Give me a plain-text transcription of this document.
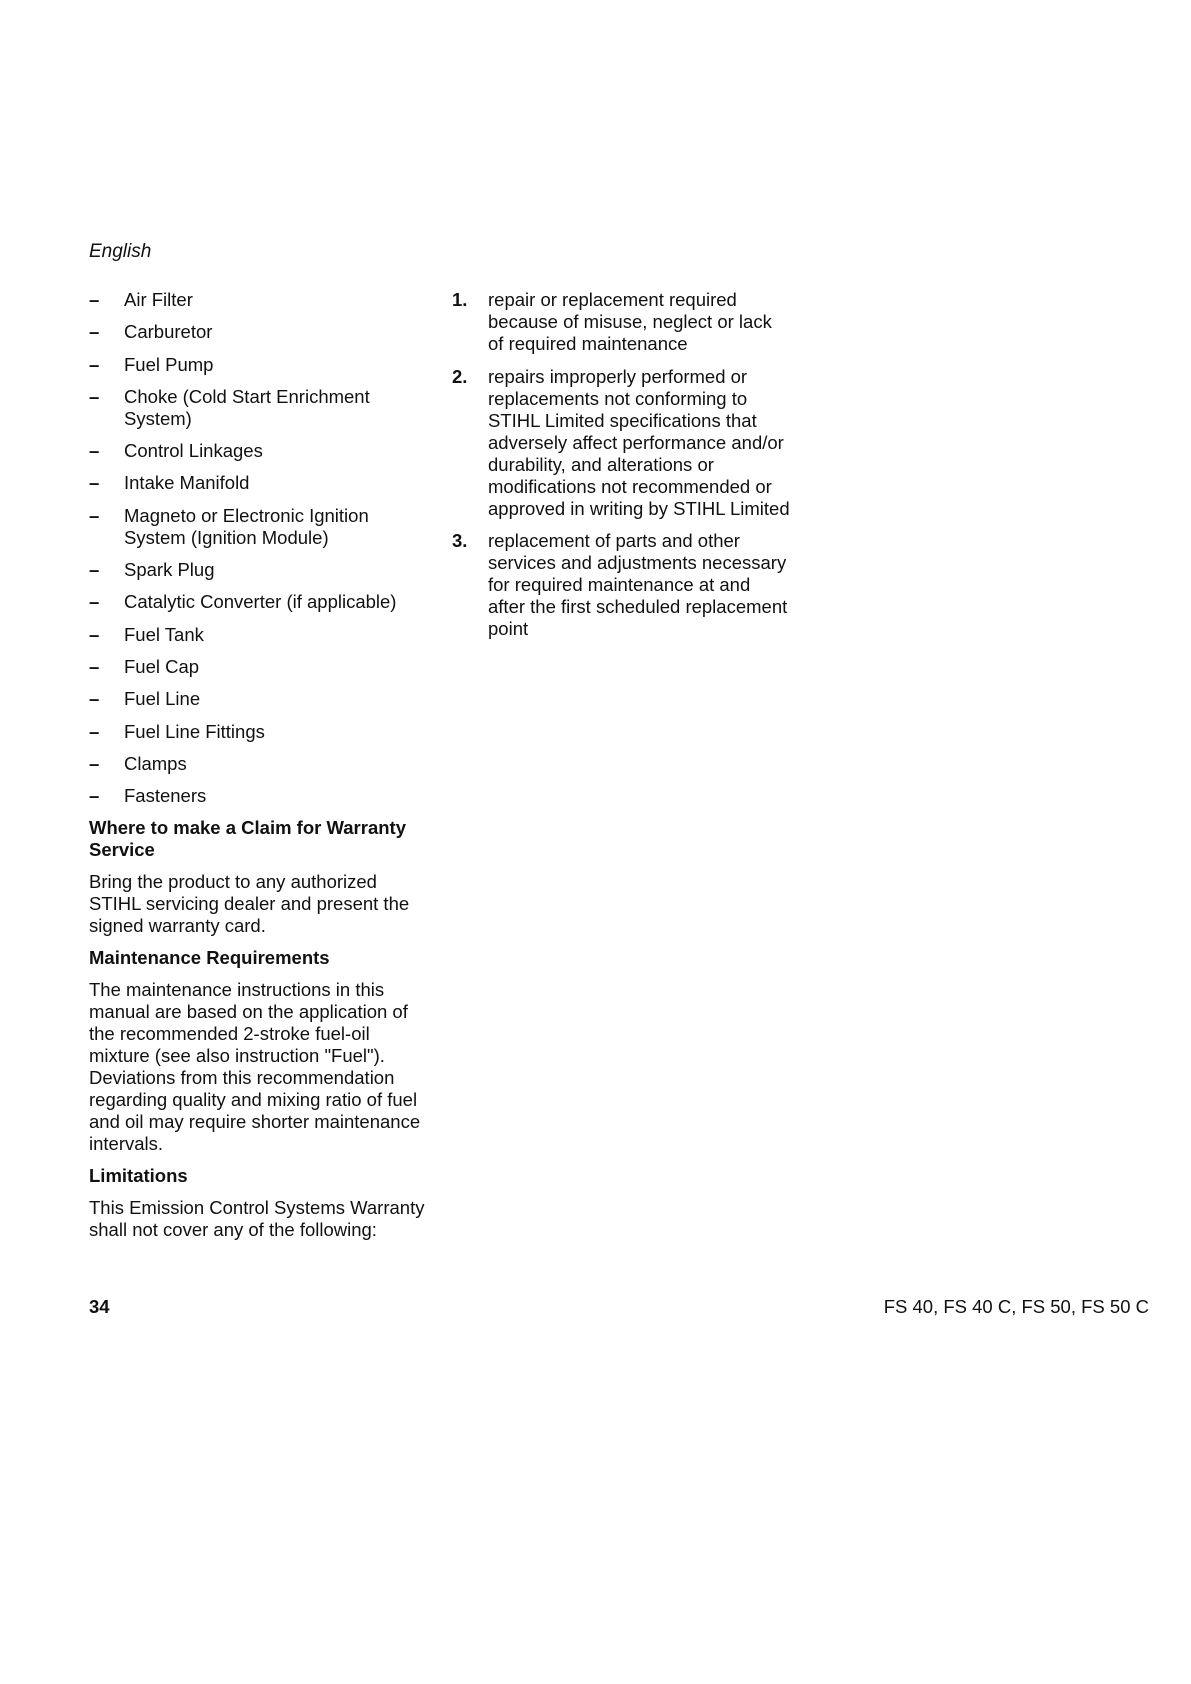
English
– Air Filter
– Carburetor
– Fuel Pump
– Choke (Cold Start Enrichment System)
– Control Linkages
– Intake Manifold
– Magneto or Electronic Ignition System (Ignition Module)
– Spark Plug
– Catalytic Converter (if applicable)
– Fuel Tank
– Fuel Cap
– Fuel Line
– Fuel Line Fittings
– Clamps
– Fasteners
Where to make a Claim for Warranty Service
Bring the product to any authorized STIHL servicing dealer and present the signed warranty card.
Maintenance Requirements
The maintenance instructions in this manual are based on the application of the recommended 2-stroke fuel-oil mixture (see also instruction "Fuel"). Deviations from this recommendation regarding quality and mixing ratio of fuel and oil may require shorter maintenance intervals.
Limitations
This Emission Control Systems Warranty shall not cover any of the following:
1. repair or replacement required because of misuse, neglect or lack of required maintenance
2. repairs improperly performed or replacements not conforming to STIHL Limited specifications that adversely affect performance and/or durability, and alterations or modifications not recommended or approved in writing by STIHL Limited
3. replacement of parts and other services and adjustments necessary for required maintenance at and after the first scheduled replacement point
34	FS 40, FS 40 C, FS 50, FS 50 C
